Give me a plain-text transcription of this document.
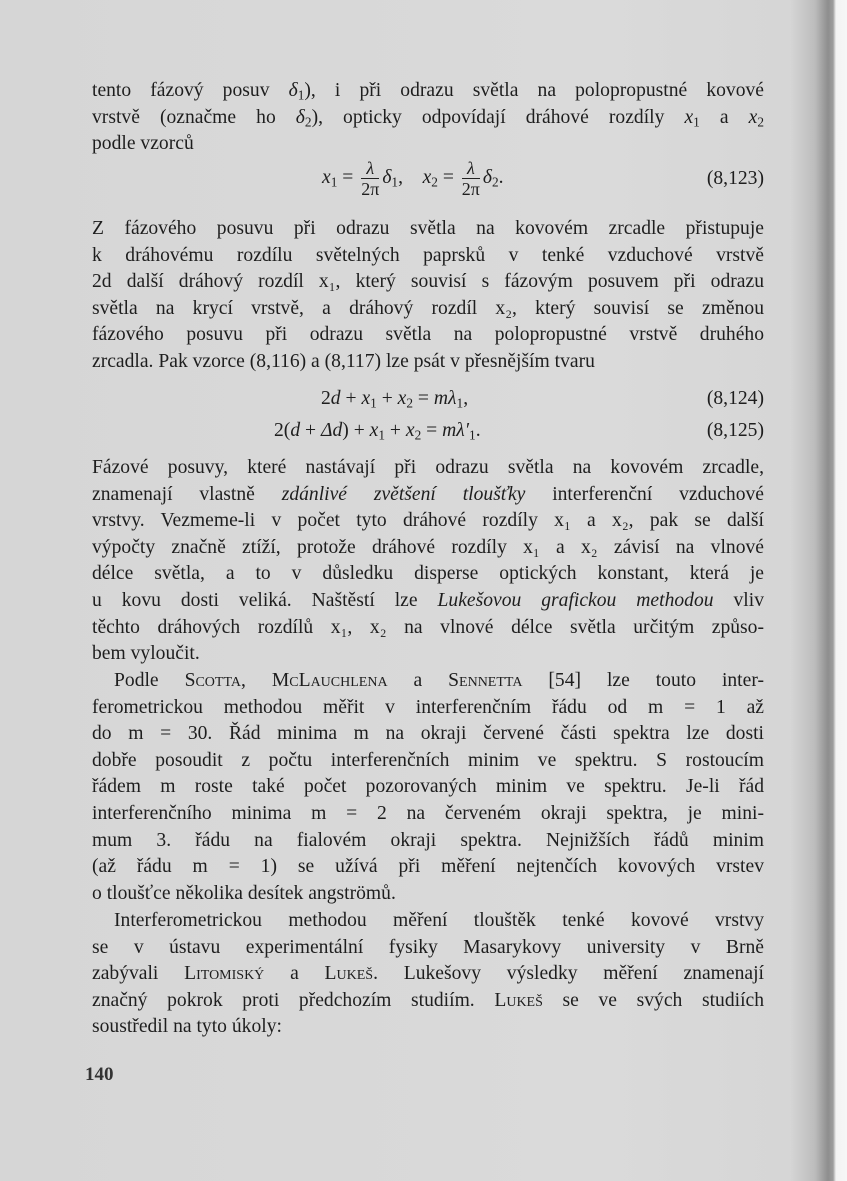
tento fázový posuv $\delta_1$), i při odrazu světla na polopropustné kovové
vrstvě (označme ho $\delta_2$), opticky odpovídají dráhové rozdíly $x_1$ a $x_2$
podle vzorců
$x_1 = \frac{\lambda}{2\pi} \delta_1$, $x_2 = \frac{\lambda}{2\pi} \delta_2$.	(8,123)
Z fázového posuvu při odrazu světla na kovovém zrcadle přistupuje
k dráhovému rozdílu světelných paprsků v tenké vzduchové vrstvě
2d další dráhový rozdíl x₁, který souvisí s fázovým posuvem při odrazu
světla na krycí vrstvě, a dráhový rozdíl x₂, který souvisí se změnou
fázového posuvu při odrazu světla na polopropustné vrstvě druhého
zrcadla. Pak vzorce (8,116) a (8,117) lze psát v přesnějším tvaru
$2d + x_1 + x_2 = m\lambda_1$,	(8,124)
$2(d + \Delta d) + x_1 + x_2 = m\lambda'_1$.	(8,125)
Fázové posuvy, které nastávají při odrazu světla na kovovém zrcadle,
znamenají vlastně zdánlivé zvětšení tloušťky interferenční vzduchové
vrstvy. Vezmeme-li v počet tyto dráhové rozdíly x₁ a x₂, pak se další
výpočty značně ztíží, protože dráhové rozdíly x₁ a x₂ závisí na vlnové
délce světla, a to v důsledku disperse optických konstant, která je
u kovu dosti veliká. Naštěstí lze Lukešovou grafickou methodou vliv
těchto dráhových rozdílů x₁, x₂ na vlnové délce světla určitým způso-
bem vyloučit.
Podle Scotta, McLauchlena a Sennetta [54] lze touto inter-
ferometrickou methodou měřit v interferenčním řádu od m = 1 až
do m = 30. Řád minima m na okraji červené části spektra lze dosti
dobře posoudit z počtu interferenčních minim ve spektru. S rostoucím
řádem m roste také počet pozorovaných minim ve spektru. Je-li řád
interferenčního minima m = 2 na červeném okraji spektra, je mini-
mum 3. řádu na fialovém okraji spektra. Nejnižších řádů minim
(až řádu m = 1) se užívá při měření nejtenčích kovových vrstev
o tloušťce několika desítek angströmů.
Interferometrickou methodou měření tlouštěk tenké kovové vrstvy
se v ústavu experimentální fysiky Masarykovy university v Brně
zabývali Litomiský a Lukeš. Lukešovy výsledky měření znamenají
značný pokrok proti předchozím studiím. Lukeš se ve svých studiích
soustředil na tyto úkoly:
140
